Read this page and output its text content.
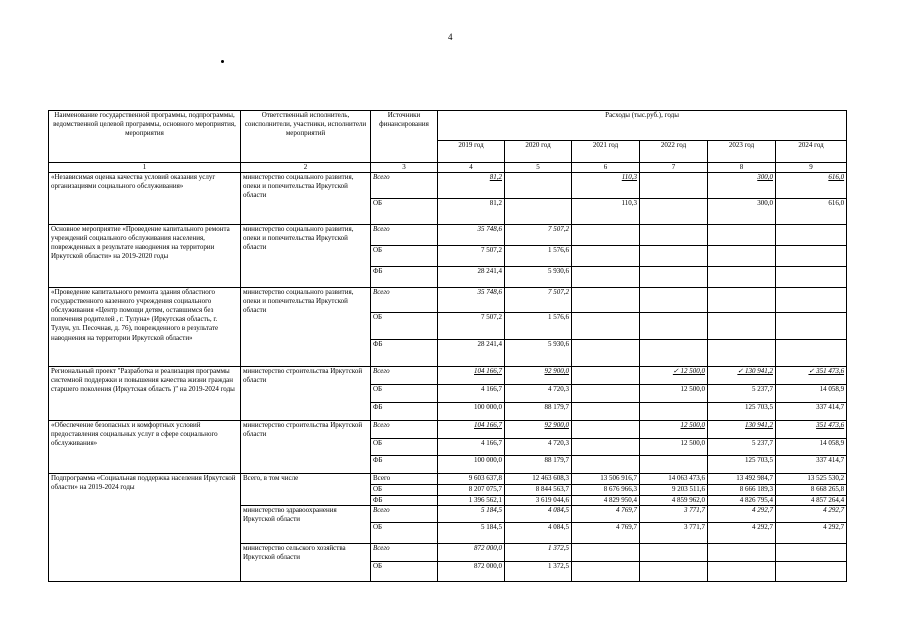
4
Наименование государственной программы, подпрограммы, ведомственной целевой программы, основного мероприятия, мероприятия	Ответственный исполнитель, соисполнители, участники, исполнители мероприятий	Источники финансирования	Расходы (тыс.руб.), годы					
			2019 год	2020 год	2021 год	2022 год	2023 год	2024 год
1	2	3	4	5	6	7	8	9
«Независимая оценка качества условий оказания услуг организациями социального обслуживания»	министерство социального развития, опеки и попечительства Иркутской области	Всего	81,2		110,3		300,0	616,0
		ОБ	81,2		110,3		300,0	616,0
Основное мероприятие «Проведение капитального ремонта учреждений социального обслуживания населения, поврежденных в результате наводнения на территории Иркутской области» на 2019-2020 годы	министерство социального развития, опеки и попечительства Иркутской области	Всего	35 748,6	7 507,2				
		ОБ	7 507,2	1 576,6				
		ФБ	28 241,4	5 930,6				
«Проведение капитального ремонта здания областного государственного казенного учреждения социального обслуживания «Центр помощи детям, оставшимся без попечения родителей , г. Тулуна» (Иркутская область, г. Тулун, ул. Песочная, д. 76), поврежденного в результате наводнения на территории Иркутской области»	министерство социального развития, опеки и попечительства Иркутской области	Всего	35 748,6	7 507,2				
		ОБ	7 507,2	1 576,6				
		ФБ	28 241,4	5 930,6				
Региональный проект "Разработка и реализация программы системной поддержки и повышения качества жизни граждан старшего поколения (Иркутская область )" на 2019-2024 годы	министерство строительства Иркутской области	Всего	104 166,7	92 900,0		✓ 12 500,0	✓ 130 941,2	✓ 351 473,6
		ОБ	4 166,7	4 720,3		12 500,0	5 237,7	14 058,9
		ФБ	100 000,0	88 179,7			125 703,5	337 414,7
«Обеспечение безопасных и комфортных условий предоставления социальных услуг в сфере социального обслуживания»	министерство строительства Иркутской области	Всего	104 166,7	92 900,0		12 500,0	130 941,2	351 473,6
		ОБ	4 166,7	4 720,3		12 500,0	5 237,7	14 058,9
		ФБ	100 000,0	88 179,7			125 703,5	337 414,7
Подпрограмма «Социальная поддержка населения Иркутской области» на 2019-2024 годы	Всего, в том числе	Всего	9 603 637,8	12 463 608,3	13 506 916,7	14 063 473,6	13 492 984,7	13 525 530,2
		ОБ	8 207 075,7	8 844 563,7	8 676 966,3	9 203 511,6	8 666 189,3	8 668 265,8
		ФБ	1 396 562,1	3 619 044,6	4 829 950,4	4 859 962,0	4 826 795,4	4 857 264,4
	министерство здравоохранения Иркутской области	Всего	5 184,5	4 084,5	4 769,7	3 771,7	4 292,7	4 292,7
		ОБ	5 184,5	4 084,5	4 769,7	3 771,7	4 292,7	4 292,7
	министерство сельского хозяйства Иркутской области	Всего	872 000,0	1 372,5				
		ОБ	872 000,0	1 372,5				
